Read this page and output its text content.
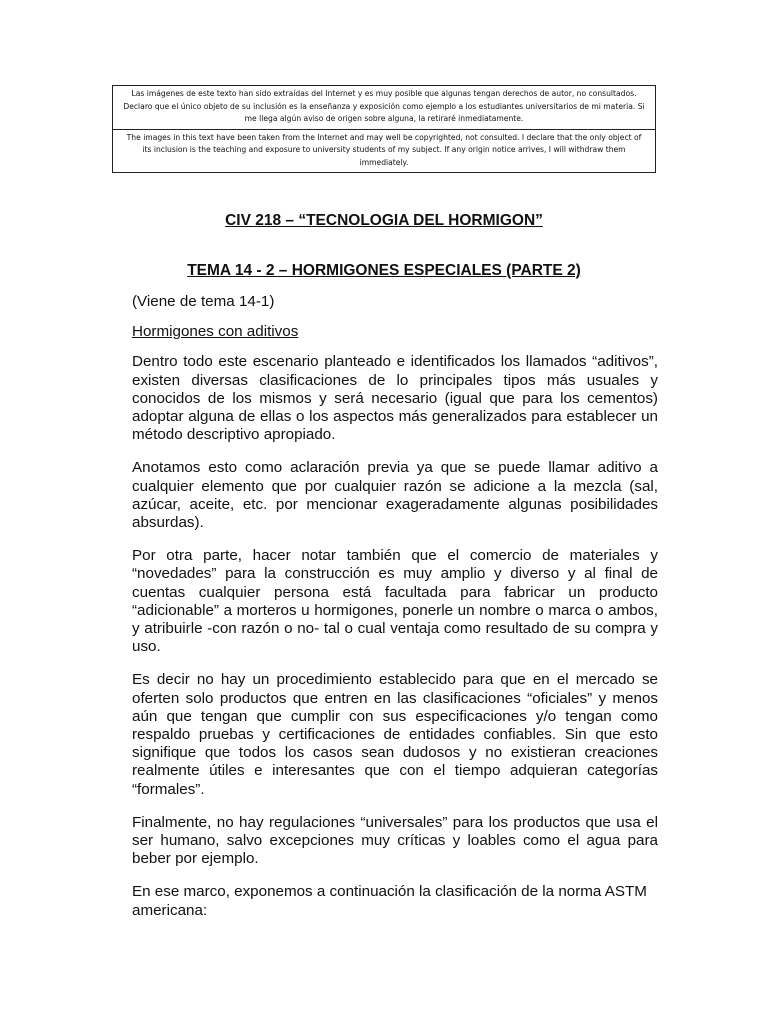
Las imágenes de este texto han sido extraídas del Internet y es muy posible que algunas tengan derechos de autor, no consultados. Declaro que el único objeto de su inclusión es la enseñanza y exposición como ejemplo a los estudiantes universitarios de mi materia. Si me llega algún aviso de origen sobre alguna, la retiraré inmediatamente.
The images in this text have been taken from the Internet and may well be copyrighted, not consulted. I declare that the only object of its inclusion is the teaching and exposure to university students of my subject. If any origin notice arrives, I will withdraw them immediately.
CIV 218 – “TECNOLOGIA DEL HORMIGON”
TEMA 14 - 2 – HORMIGONES ESPECIALES (PARTE 2)

(Viene de tema 14-1)

Hormigones con aditivos

Dentro todo este escenario planteado e identificados los llamados “aditivos”, existen diversas clasificaciones de lo principales tipos más usuales y conocidos de los mismos y será necesario (igual que para los cementos) adoptar alguna de ellas o los aspectos más generalizados para establecer un método descriptivo apropiado.

Anotamos esto como aclaración previa ya que se puede llamar aditivo a cualquier elemento que por cualquier razón se adicione a la mezcla (sal, azúcar, aceite, etc. por mencionar exageradamente algunas posibilidades absurdas).

Por otra parte, hacer notar también que el comercio de materiales y “novedades” para la construcción es muy amplio y diverso y al final de cuentas cualquier persona está facultada para fabricar un producto “adicionable” a morteros u hormigones, ponerle un nombre o marca o ambos, y atribuirle -con razón o no- tal o cual ventaja como resultado de su compra y uso.

Es decir no hay un procedimiento establecido para que en el mercado se oferten solo productos que entren en las clasificaciones “oficiales” y menos aún que tengan que cumplir con sus especificaciones y/o tengan como respaldo pruebas y certificaciones de entidades confiables. Sin que esto signifique que todos los casos sean dudosos y no existieran creaciones realmente útiles e interesantes que con el tiempo adquieran categorías “formales”.

Finalmente, no hay regulaciones “universales” para los productos que usa el ser humano, salvo excepciones muy críticas y loables como el agua para beber por ejemplo.

En ese marco, exponemos a continuación la clasificación de la norma ASTM americana:
